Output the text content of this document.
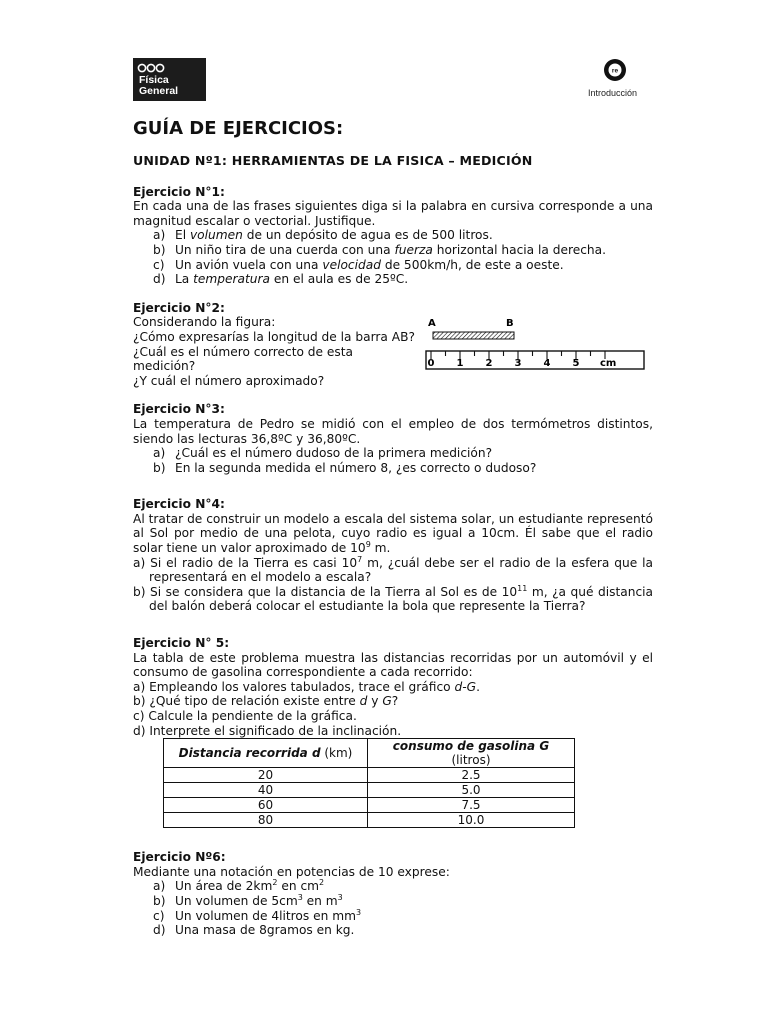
Física
General
re
Introducción
GUÍA DE EJERCICIOS:
UNIDAD Nº1: HERRAMIENTAS DE LA FISICA – MEDICIÓN
Ejercicio N°1:

En cada una de las frases siguientes diga si la palabra en cursiva corresponde a una magnitud escalar o vectorial. Justifique.

a) El volumen de un depósito de agua es de 500 litros.
b) Un niño tira de una cuerda con una fuerza horizontal hacia la derecha.
c) Un avión vuela con una velocidad de 500km/h, de este a oeste.
d) La temperatura en el aula es de 25ºC.
Ejercicio N°2:

Considerando la figura:

¿Cómo expresarías la longitud de la barra AB?

¿Cuál es el número correcto de esta medición?

¿Y cuál el número aproximado?

A	B
0 1 2 3 4 5 cm
Ejercicio N°3:

La temperatura de Pedro se midió con el empleo de dos termómetros distintos, siendo las lecturas 36,8ºC y 36,80ºC.

a) ¿Cuál es el número dudoso de la primera medición?
b) En la segunda medida el número 8, ¿es correcto o dudoso?
Ejercicio N°4:

Al tratar de construir un modelo a escala del sistema solar, un estudiante representó al Sol por medio de una pelota, cuyo radio es igual a 10cm. Él sabe que el radio solar tiene un valor aproximado de $10^9$ m.

a) Si el radio de la Tierra es casi $10^7$ m, ¿cuál debe ser el radio de la esfera que la representará en el modelo a escala?

b) Si se considera que la distancia de la Tierra al Sol es de $10^{11}$ m, ¿a qué distancia del balón deberá colocar el estudiante la bola que represente la Tierra?

Ejercicio N° 5:

La tabla de este problema muestra las distancias recorridas por un automóvil y el consumo de gasolina correspondiente a cada recorrido:

a) Empleando los valores tabulados, trace el gráfico d-G.

b) ¿Qué tipo de relación existe entre d y G?

c) Calcule la pendiente de la gráfica.

d) Interprete el significado de la inclinación.

Distancia recorrida d (km)	consumo de gasolina G (litros)
20	2.5
40	5.0
60	7.5
80	10.0
Ejercicio Nº6:

Mediante una notación en potencias de 10 exprese:

a) Un área de $2km^2$ en $cm^2$
b) Un volumen de $5cm^3$ en $m^3$
c) Un volumen de 4litros en $mm^3$
d) Una masa de 8gramos en kg.
